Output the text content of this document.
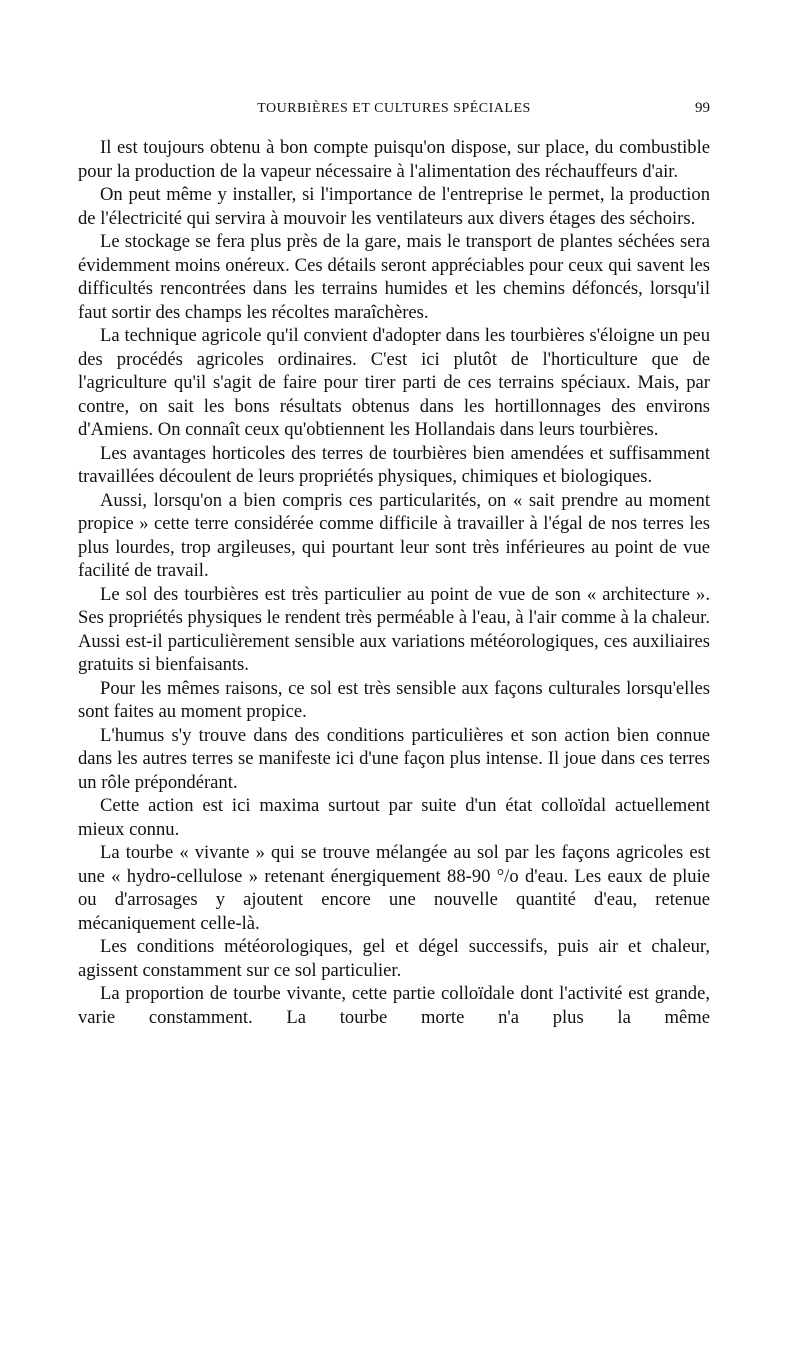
TOURBIÈRES ET CULTURES SPÉCIALES	99

Il est toujours obtenu à bon compte puisqu'on dispose, sur place, du combustible pour la production de la vapeur nécessaire à l'alimentation des réchauffeurs d'air.

On peut même y installer, si l'importance de l'entreprise le permet, la production de l'électricité qui servira à mouvoir les ventilateurs aux divers étages des séchoirs.

Le stockage se fera plus près de la gare, mais le transport de plantes séchées sera évidemment moins onéreux. Ces détails seront appréciables pour ceux qui savent les difficultés rencontrées dans les terrains humides et les chemins défoncés, lorsqu'il faut sortir des champs les récoltes maraîchères.

La technique agricole qu'il convient d'adopter dans les tourbières s'éloigne un peu des procédés agricoles ordinaires. C'est ici plutôt de l'horticulture que de l'agriculture qu'il s'agit de faire pour tirer parti de ces terrains spéciaux. Mais, par contre, on sait les bons résultats obtenus dans les hortillonnages des environs d'Amiens. On connaît ceux qu'obtiennent les Hollandais dans leurs tourbières.

Les avantages horticoles des terres de tourbières bien amendées et suffisamment travaillées découlent de leurs propriétés physiques, chimiques et biologiques.

Aussi, lorsqu'on a bien compris ces particularités, on « sait prendre au moment propice » cette terre considérée comme difficile à travailler à l'égal de nos terres les plus lourdes, trop argileuses, qui pourtant leur sont très inférieures au point de vue facilité de travail.

Le sol des tourbières est très particulier au point de vue de son « architecture ». Ses propriétés physiques le rendent très perméable à l'eau, à l'air comme à la chaleur. Aussi est-il particulièrement sensible aux variations météorologiques, ces auxiliaires gratuits si bienfaisants.

Pour les mêmes raisons, ce sol est très sensible aux façons culturales lorsqu'elles sont faites au moment propice.

L'humus s'y trouve dans des conditions particulières et son action bien connue dans les autres terres se manifeste ici d'une façon plus intense. Il joue dans ces terres un rôle prépondérant.

Cette action est ici maxima surtout par suite d'un état colloïdal actuellement mieux connu.

La tourbe « vivante » qui se trouve mélangée au sol par les façons agricoles est une « hydro-cellulose » retenant énergiquement 88-90 °/o d'eau. Les eaux de pluie ou d'arrosages y ajoutent encore une nouvelle quantité d'eau, retenue mécaniquement celle-là.

Les conditions météorologiques, gel et dégel successifs, puis air et chaleur, agissent constamment sur ce sol particulier.

La proportion de tourbe vivante, cette partie colloïdale dont l'activité est grande, varie constamment. La tourbe morte n'a plus la même
